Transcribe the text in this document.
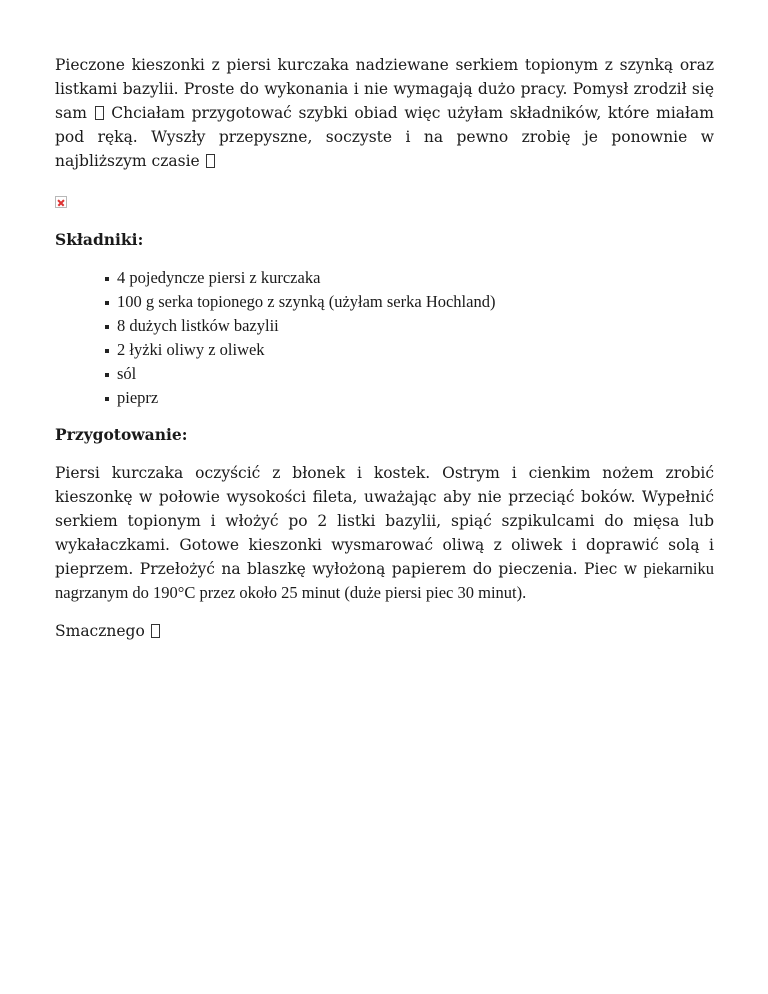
Pieczone kieszonki z piersi kurczaka nadziewane serkiem topionym z szynką oraz listkami bazylii. Proste do wykonania i nie wymagają dużo pracy. Pomysł zrodził się sam Chciałam przygotować szybki obiad więc użyłam składników, które miałam pod ręką. Wyszły przepyszne, soczyste i na pewno zrobię je ponownie w najbliższym czasie

Składniki:
4 pojedyncze piersi z kurczaka
100 g serka topionego z szynką (użyłam serka Hochland)
8 dużych listków bazylii
2 łyżki oliwy z oliwek
sól
pieprz
Przygotowanie:

Piersi kurczaka oczyścić z błonek i kostek. Ostrym i cienkim nożem zrobić kieszonkę w połowie wysokości fileta, uważając aby nie przeciąć boków. Wypełnić serkiem topionym i włożyć po 2 listki bazylii, spiąć szpikulcami do mięsa lub wykałaczkami. Gotowe kieszonki wysmarować oliwą z oliwek i doprawić solą i pieprzem. Przełożyć na blaszkę wyłożoną papierem do pieczenia. Piec w piekarniku nagrzanym do 190°C przez około 25 minut (duże piersi piec 30 minut).

Smacznego
